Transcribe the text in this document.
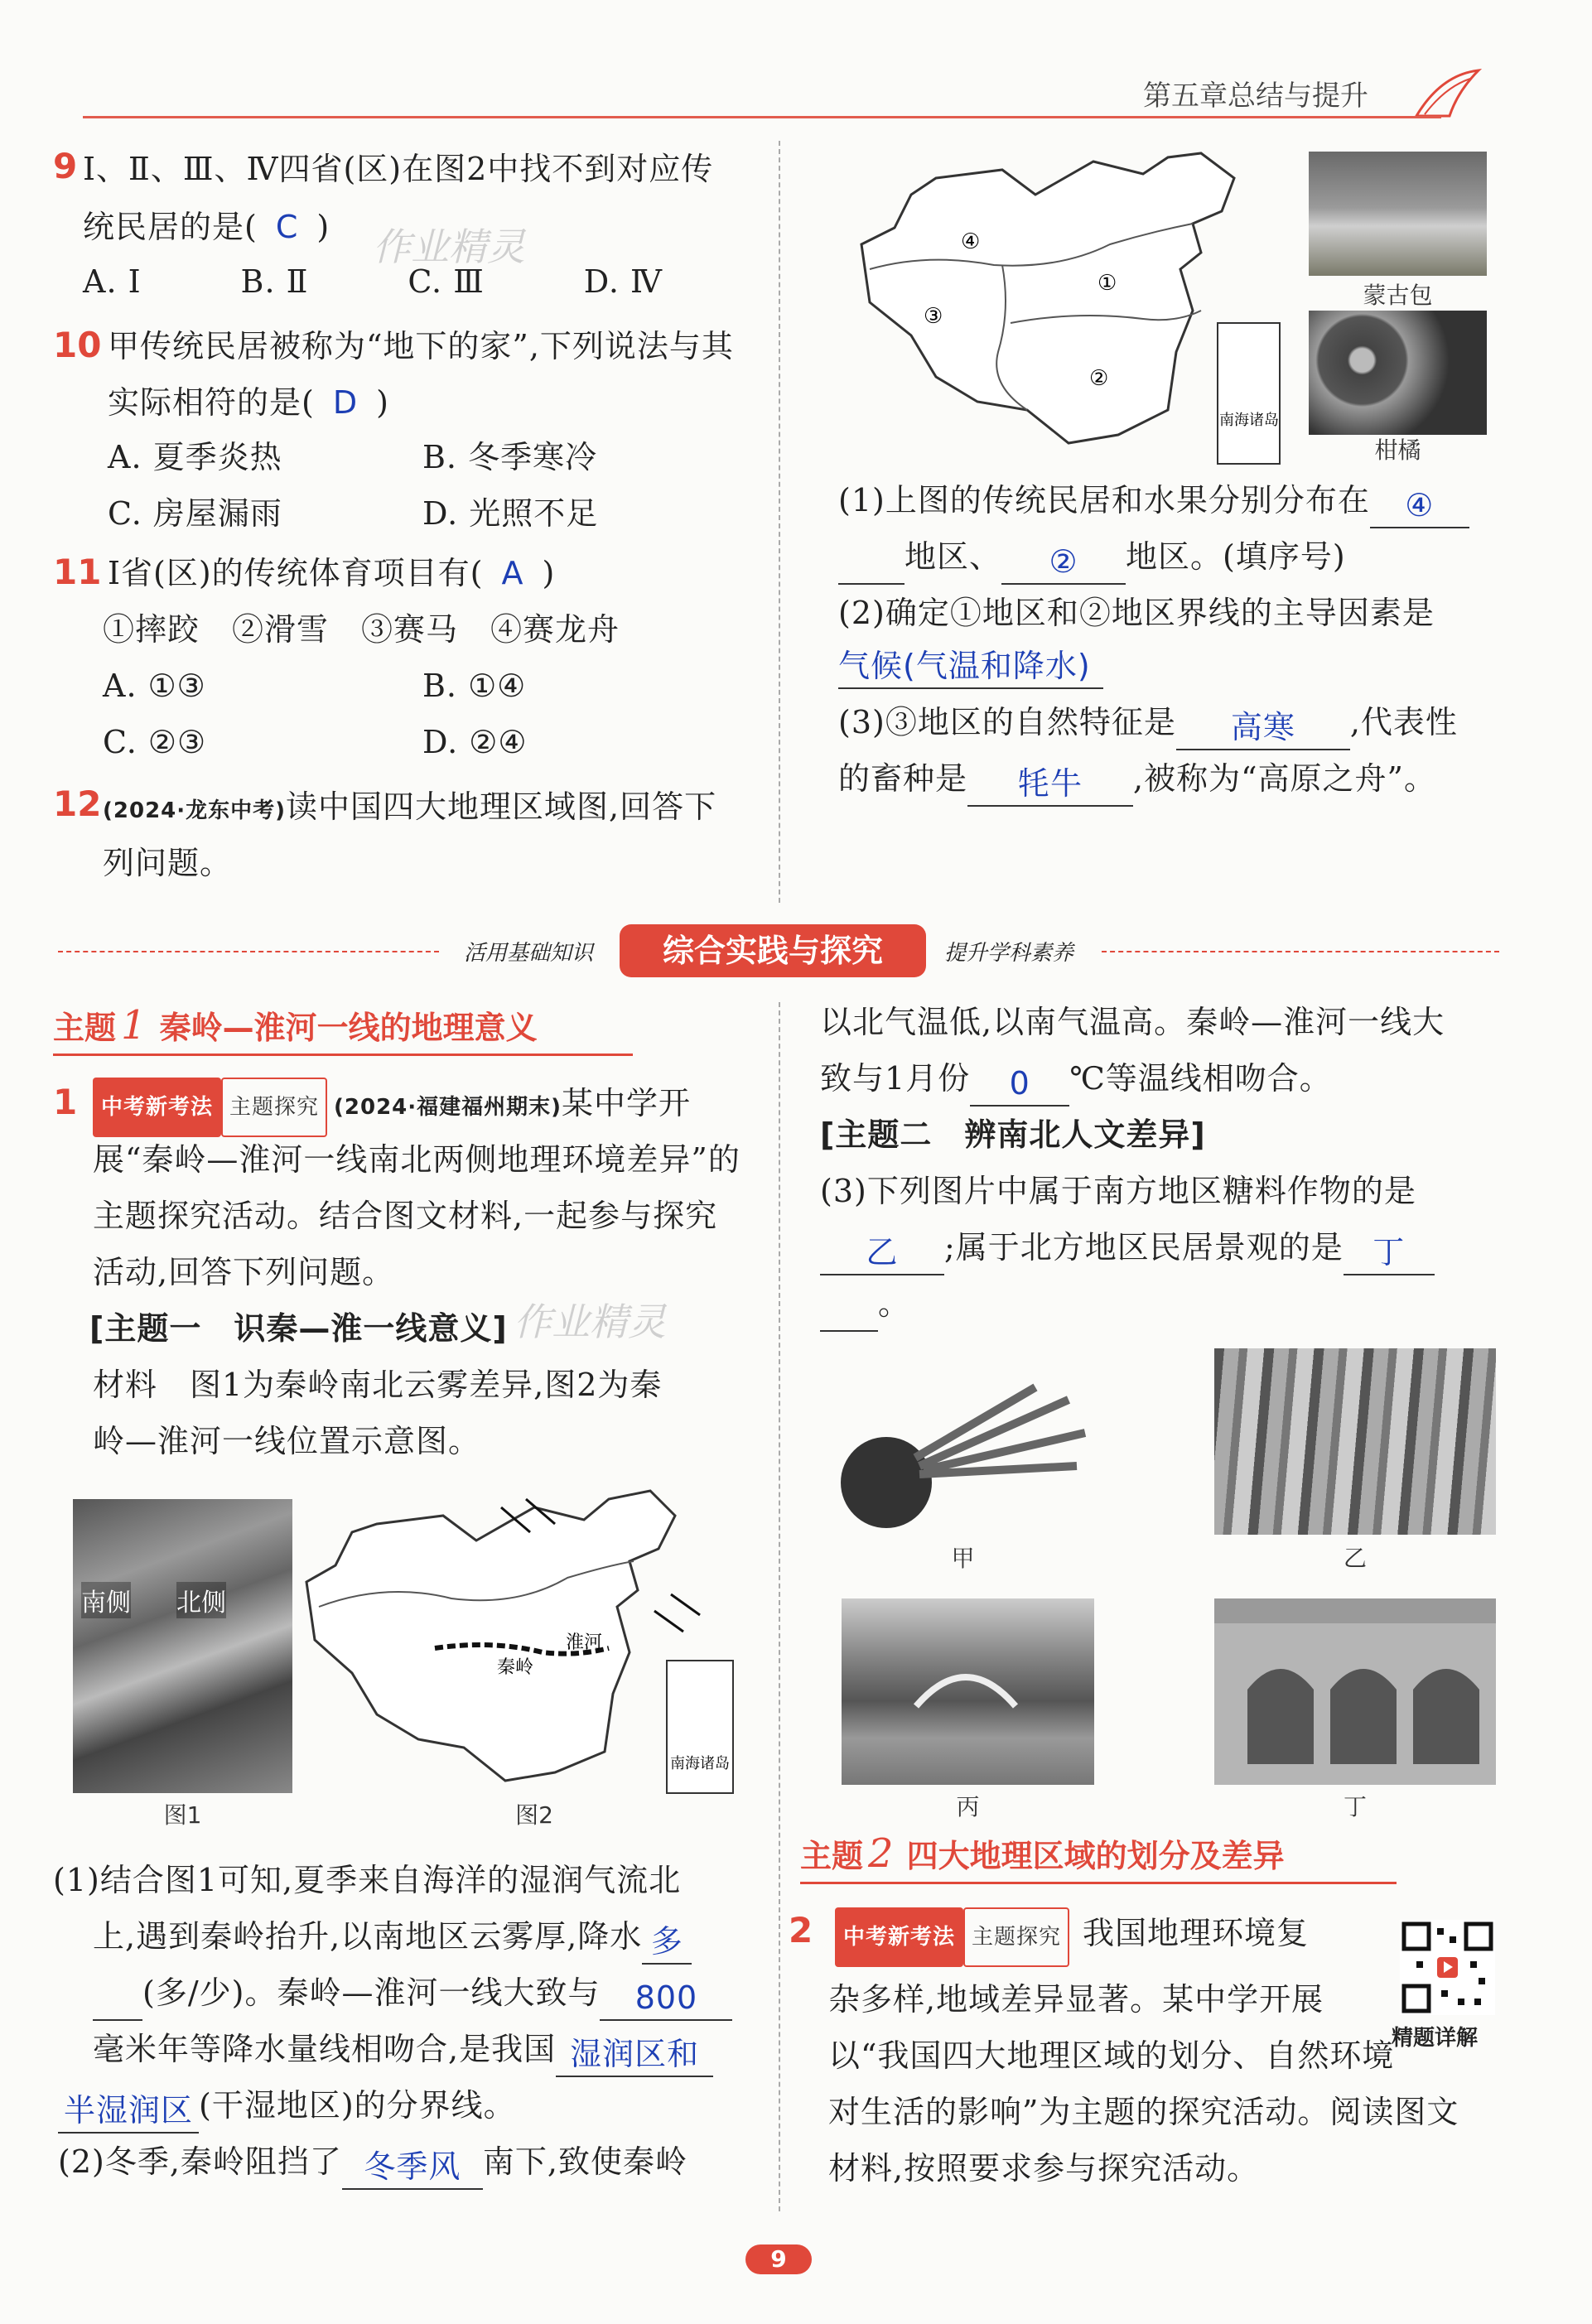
第五章总结与提升
9 Ⅰ、Ⅱ、Ⅲ、Ⅳ四省(区)在图2中找不到对应传
统民居的是( C )
A. Ⅰ	B. Ⅱ	C. Ⅲ	D. Ⅳ
作业精灵
10 甲传统民居被称为“地下的家”,下列说法与其
实际相符的是( D )
A. 夏季炎热	B. 冬季寒冷
C. 房屋漏雨	D. 光照不足
11 Ⅰ省(区)的传统体育项目有( A )
①摔跤　②滑雪　③赛马　④赛龙舟
A. ①③	B. ①④
C. ②③	D. ②④
12 (2024·龙东中考)读中国四大地理区域图,回答下
列问题。
④
①
③
②
南海诸岛
蒙古包
柑橘
(1)上图的传统民居和水果分别分布在 ④
地区、 ② 地区。(填序号)
(2)确定①地区和②地区界线的主导因素是
气候(气温和降水)
(3)③地区的自然特征是 高寒 ,代表性
的畜种是 牦牛 ,被称为“高原之舟”。
活用基础知识	综合实践与探究	提升学科素养
主题 1 秦岭—淮河一线的地理意义
1	中考新考法 主题探究 (2024·福建福州期末)某中学开
展“秦岭—淮河一线南北两侧地理环境差异”的
主题探究活动。结合图文材料,一起参与探究
活动,回答下列问题。
[主题一　识秦—淮一线意义] 作业精灵
材料　图1为秦岭南北云雾差异,图2为秦
岭—淮河一线位置示意图。
南侧 北侧
图1
秦岭
淮河
南海诸岛
图2
(1)结合图1可知,夏季来自海洋的湿润气流北
上,遇到秦岭抬升,以南地区云雾厚,降水 多
(多/少)。秦岭—淮河一线大致与 800
毫米年等降水量线相吻合,是我国 湿润区和
半湿润区 (干湿地区)的分界线。
(2)冬季,秦岭阻挡了 冬季风 南下,致使秦岭
以北气温低,以南气温高。秦岭—淮河一线大
致与1月份 0 ℃等温线相吻合。
[主题二　辨南北人文差异]
(3)下列图片中属于南方地区糖料作物的是
乙 ;属于北方地区民居景观的是 丁
。
甲	乙
丙	丁
主题 2 四大地理区域的划分及差异
2	中考新考法 主题探究 我国地理环境复
杂多样,地域差异显著。某中学开展
以“我国四大地理区域的划分、自然环境
对生活的影响”为主题的探究活动。阅读图文
材料,按照要求参与探究活动。
精题详解
9
